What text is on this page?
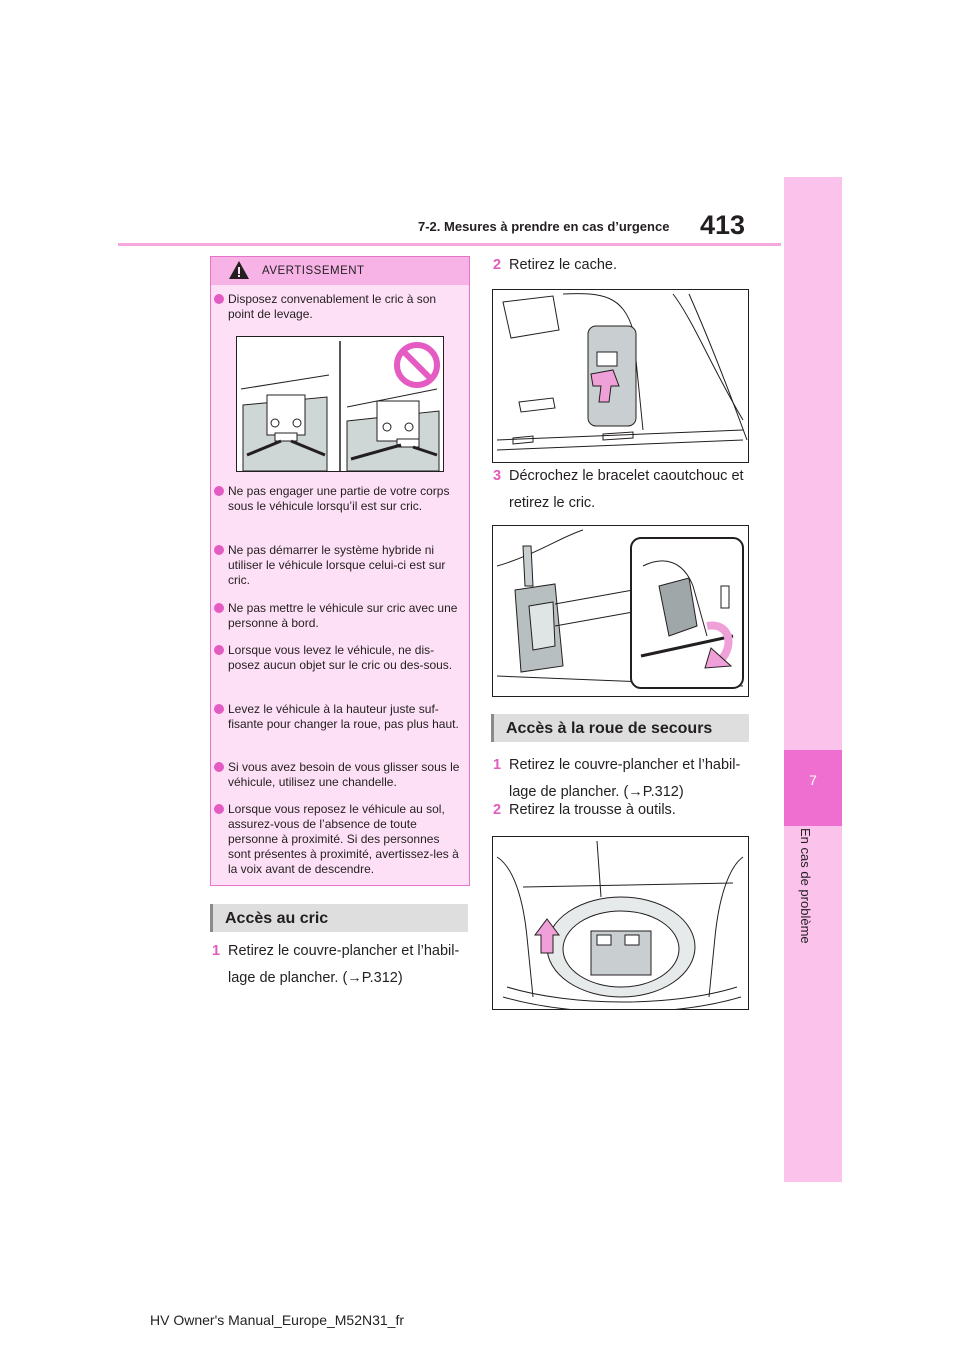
7-2. Mesures à prendre en cas d’urgence 413
7
En cas de problème
AVERTISSEMENT
Disposez convenablement le cric à son point de levage.
Ne pas engager une partie de votre corps sous le véhicule lorsqu’il est sur cric.
Ne pas démarrer le système hybride ni utiliser le véhicule lorsque celui-ci est sur cric.
Ne pas mettre le véhicule sur cric avec une personne à bord.
Lorsque vous levez le véhicule, ne dis-posez aucun objet sur le cric ou des-sous.
Levez le véhicule à la hauteur juste suf-fisante pour changer la roue, pas plus haut.
Si vous avez besoin de vous glisser sous le véhicule, utilisez une chandelle.
Lorsque vous reposez le véhicule au sol, assurez-vous de l’absence de toute personne à proximité. Si des personnes sont présentes à proximité, avertissez-les à la voix avant de descendre.
Accès au cric
1 Retirez le couvre-plancher et l’habil-lage de plancher. (→P.312)
2 Retirez le cache.
3 Décrochez le bracelet caoutchouc et retirez le cric.
Accès à la roue de secours
1 Retirez le couvre-plancher et l’habil-lage de plancher. (→P.312)
2 Retirez la trousse à outils.
HV Owner's Manual_Europe_M52N31_fr
